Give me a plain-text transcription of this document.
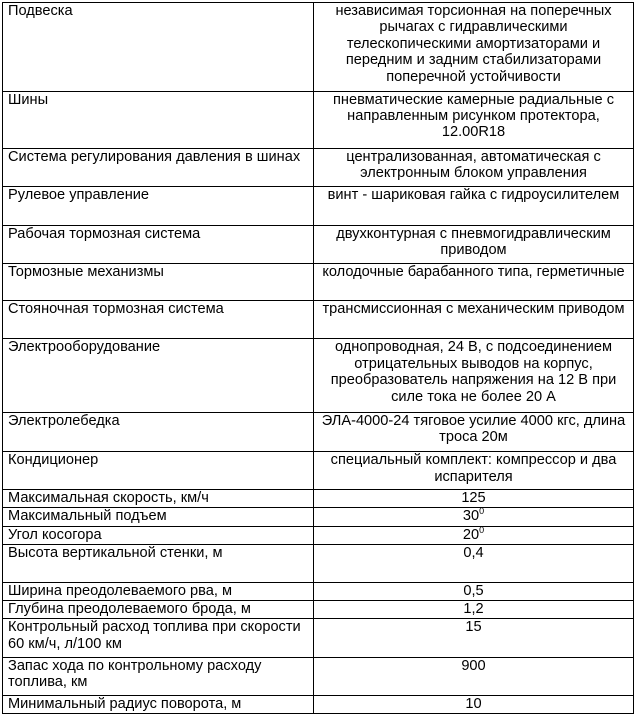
Подвеска	независимая торсионная на поперечных рычагах с гидравлическими телескопическими амортизаторами и передним и задним стабилизаторами поперечной устойчивости
Шины	пневматические камерные радиальные с направленным рисунком протектора, 12.00R18
Система регулирования давления в шинах	централизованная, автоматическая с электронным блоком управления
Рулевое управление	винт - шариковая гайка с гидроусилителем
Рабочая тормозная система	двухконтурная с пневмогидравлическим приводом
Тормозные механизмы	колодочные барабанного типа, герметичные
Стояночная тормозная система	трансмиссионная с механическим приводом
Электрооборудование	однопроводная, 24 В, с подсоединением отрицательных выводов на корпус, преобразователь напряжения на 12 В при силе тока не более 20 А
Электролебедка	ЭЛА-4000-24 тяговое усилие 4000 кгс, длина троса 20м
Кондиционер	специальный комплект: компрессор и два испарителя
Максимальная скорость, км/ч	125
Максимальный подъем	$30^0$
Угол косогора	$20^0$
Высота вертикальной стенки, м	0,4
Ширина преодолеваемого рва, м	0,5
Глубина преодолеваемого брода, м	1,2
Контрольный расход топлива при скорости 60 км/ч, л/100 км	15
Запас хода по контрольному расходу топлива, км	900
Минимальный радиус поворота, м	10
